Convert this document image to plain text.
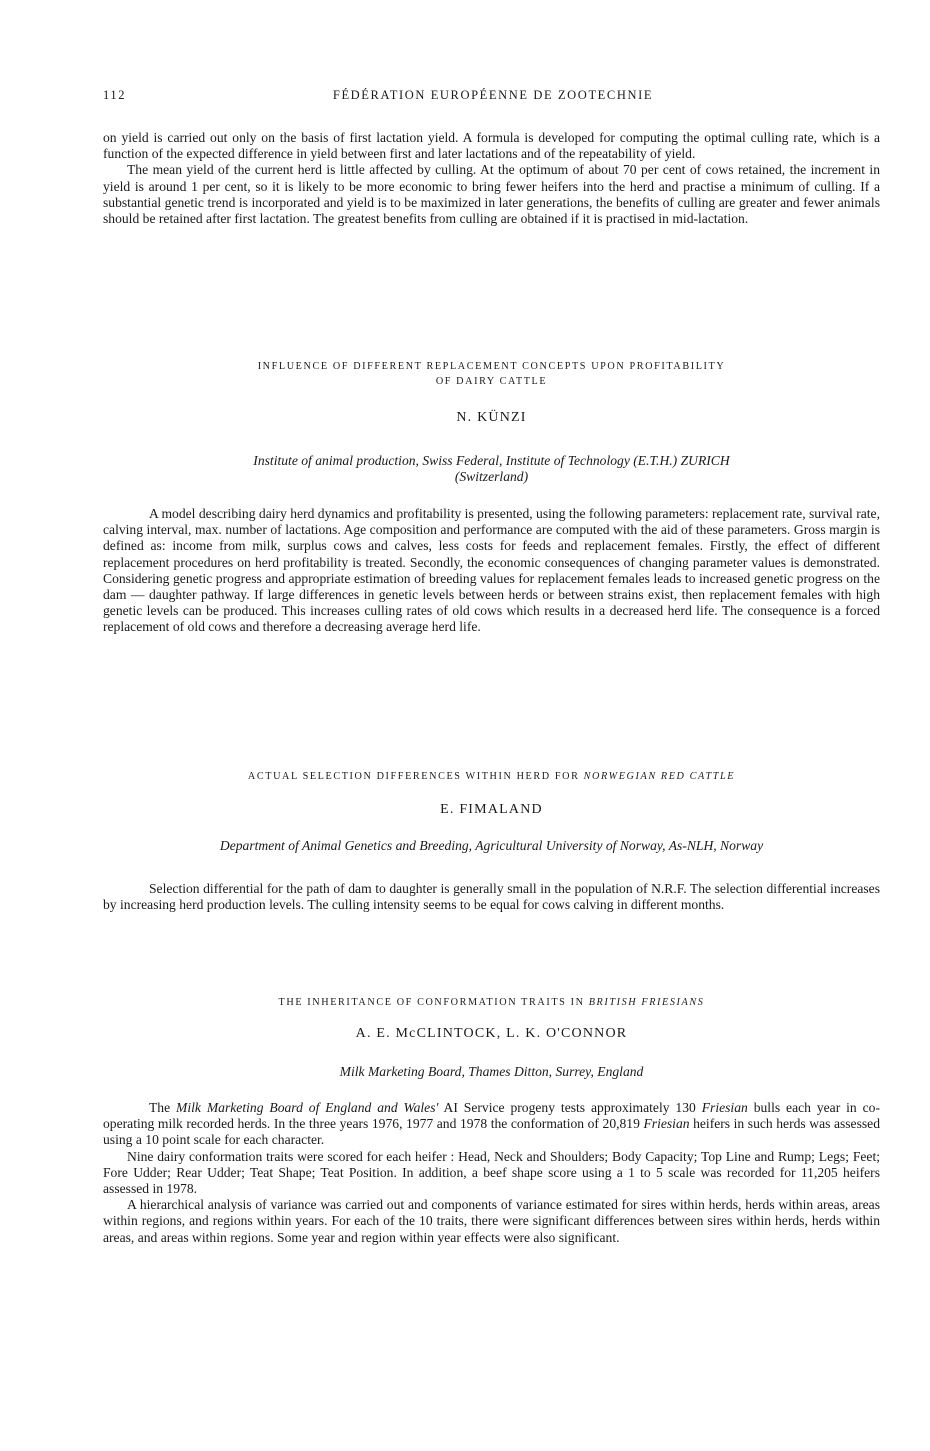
112	FÉDÉRATION EUROPÉENNE DE ZOOTECHNIE

on yield is carried out only on the basis of first lactation yield. A formula is developed for computing the optimal culling rate, which is a function of the expected difference in yield between first and later lactations and of the repeatability of yield.

The mean yield of the current herd is little affected by culling. At the optimum of about 70 per cent of cows retained, the increment in yield is around 1 per cent, so it is likely to be more economic to bring fewer heifers into the herd and practise a minimum of culling. If a substantial genetic trend is incorporated and yield is to be maximized in later generations, the benefits of culling are greater and fewer animals should be retained after first lactation. The greatest benefits from culling are obtained if it is practised in mid-lactation.

INFLUENCE OF DIFFERENT REPLACEMENT CONCEPTS UPON PROFITABILITY
OF DAIRY CATTLE
N. KÜNZI
Institute of animal production, Swiss Federal, Institute of Technology (E.T.H.) ZURICH
(Switzerland)

A model describing dairy herd dynamics and profitability is presented, using the following parameters: replacement rate, survival rate, calving interval, max. number of lactations. Age composition and performance are computed with the aid of these parameters. Gross margin is defined as: income from milk, surplus cows and calves, less costs for feeds and replacement females. Firstly, the effect of different replacement procedures on herd profitability is treated. Secondly, the economic consequences of changing parameter values is demonstrated. Considering genetic progress and appropriate estimation of breeding values for replacement females leads to increased genetic progress on the dam — daughter pathway. If large differences in genetic levels between herds or between strains exist, then replacement females with high genetic levels can be produced. This increases culling rates of old cows which results in a decreased herd life. The consequence is a forced replacement of old cows and therefore a decreasing average herd life.

ACTUAL SELECTION DIFFERENCES WITHIN HERD FOR NORWEGIAN RED CATTLE
E. FIMALAND
Department of Animal Genetics and Breeding, Agricultural University of Norway, As-NLH, Norway

Selection differential for the path of dam to daughter is generally small in the population of N.R.F. The selection differential increases by increasing herd production levels. The culling intensity seems to be equal for cows calving in different months.

THE INHERITANCE OF CONFORMATION TRAITS IN BRITISH FRIESIANS
A. E. McCLINTOCK, L. K. O'CONNOR
Milk Marketing Board, Thames Ditton, Surrey, England

The Milk Marketing Board of England and Wales' AI Service progeny tests approximately 130 Friesian bulls each year in co-operating milk recorded herds. In the three years 1976, 1977 and 1978 the conformation of 20,819 Friesian heifers in such herds was assessed using a 10 point scale for each character.

Nine dairy conformation traits were scored for each heifer : Head, Neck and Shoulders; Body Capacity; Top Line and Rump; Legs; Feet; Fore Udder; Rear Udder; Teat Shape; Teat Position. In addition, a beef shape score using a 1 to 5 scale was recorded for 11,205 heifers assessed in 1978.

A hierarchical analysis of variance was carried out and components of variance estimated for sires within herds, herds within areas, areas within regions, and regions within years. For each of the 10 traits, there were significant differences between sires within herds, herds within areas, and areas within regions. Some year and region within year effects were also significant.
